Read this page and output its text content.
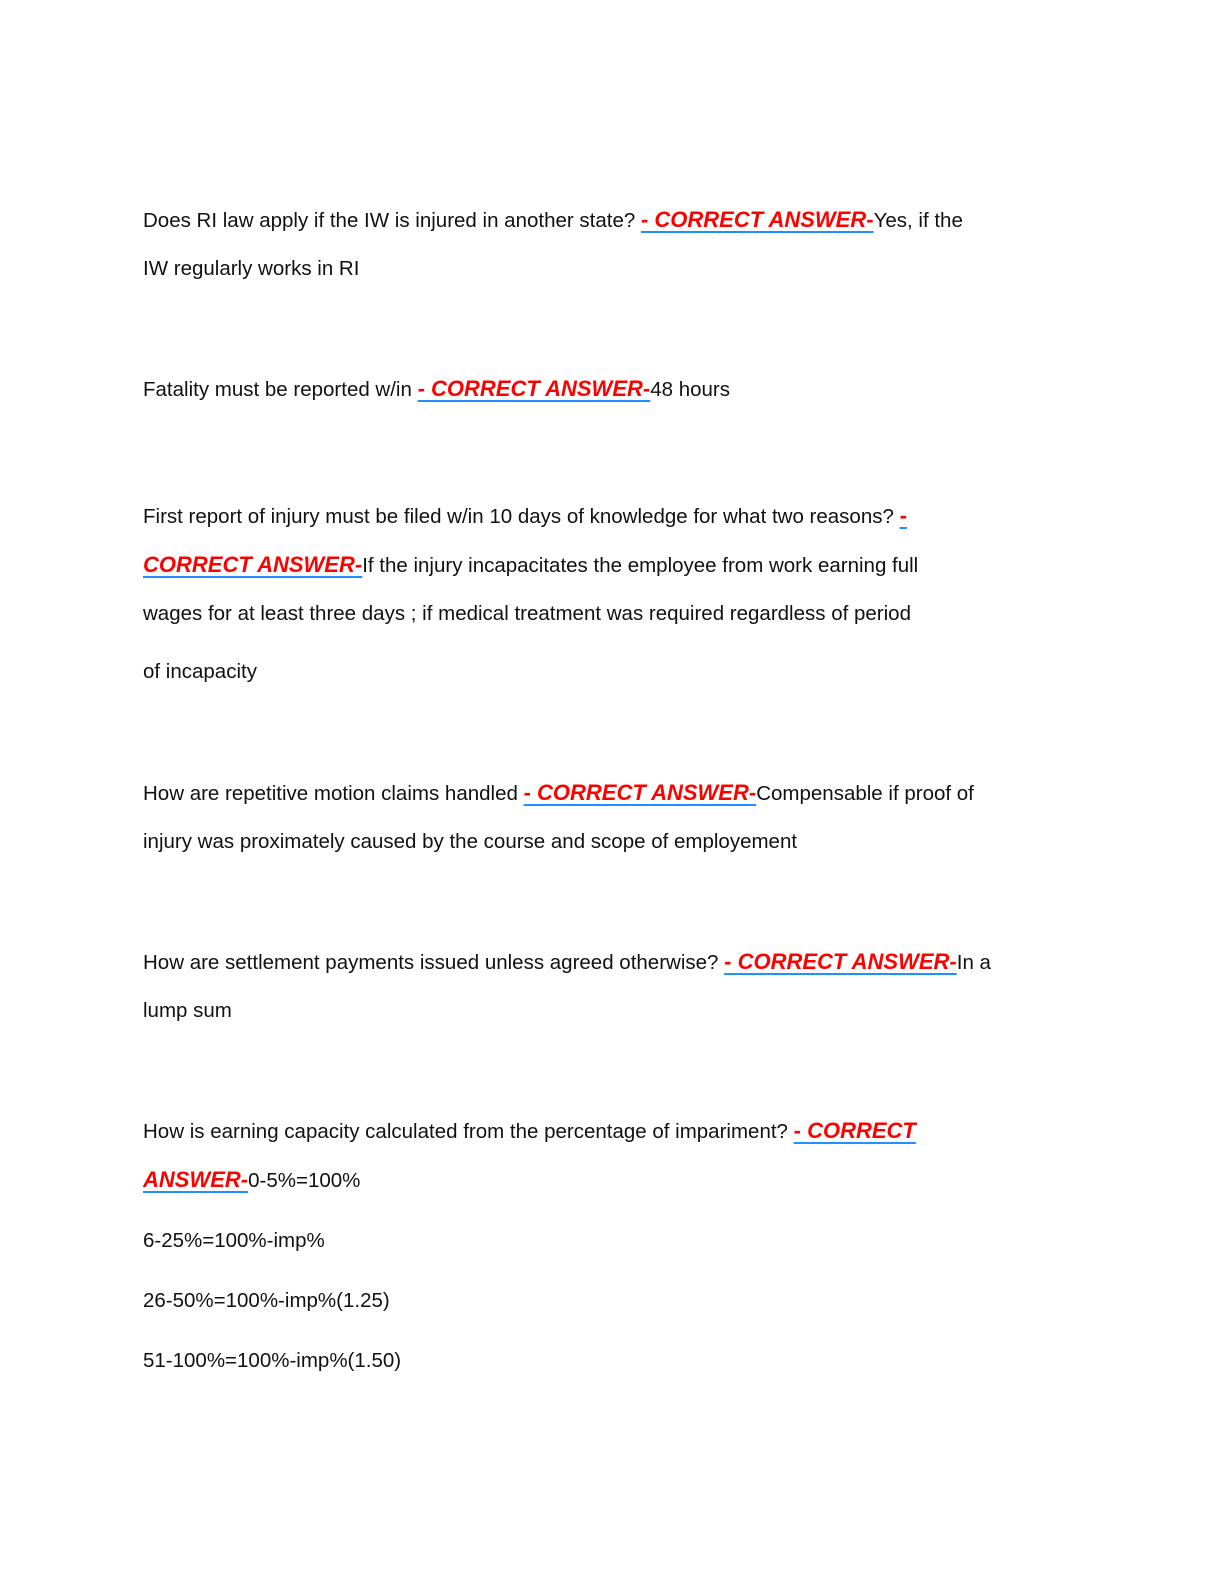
Does RI law apply if the IW is injured in another state? - CORRECT ANSWER-Yes, if the
IW regularly works in RI
Fatality must be reported w/in - CORRECT ANSWER-48 hours
First report of injury must be filed w/in 10 days of knowledge for what two reasons? -
CORRECT ANSWER-If the injury incapacitates the employee from work earning full
wages for at least three days ; if medical treatment was required regardless of period
of incapacity
How are repetitive motion claims handled - CORRECT ANSWER-Compensable if proof of
injury was proximately caused by the course and scope of employement
How are settlement payments issued unless agreed otherwise? - CORRECT ANSWER-In a
lump sum
How is earning capacity calculated from the percentage of impariment? - CORRECT
ANSWER-0-5%=100%
6-25%=100%-imp%
26-50%=100%-imp%(1.25)
51-100%=100%-imp%(1.50)
